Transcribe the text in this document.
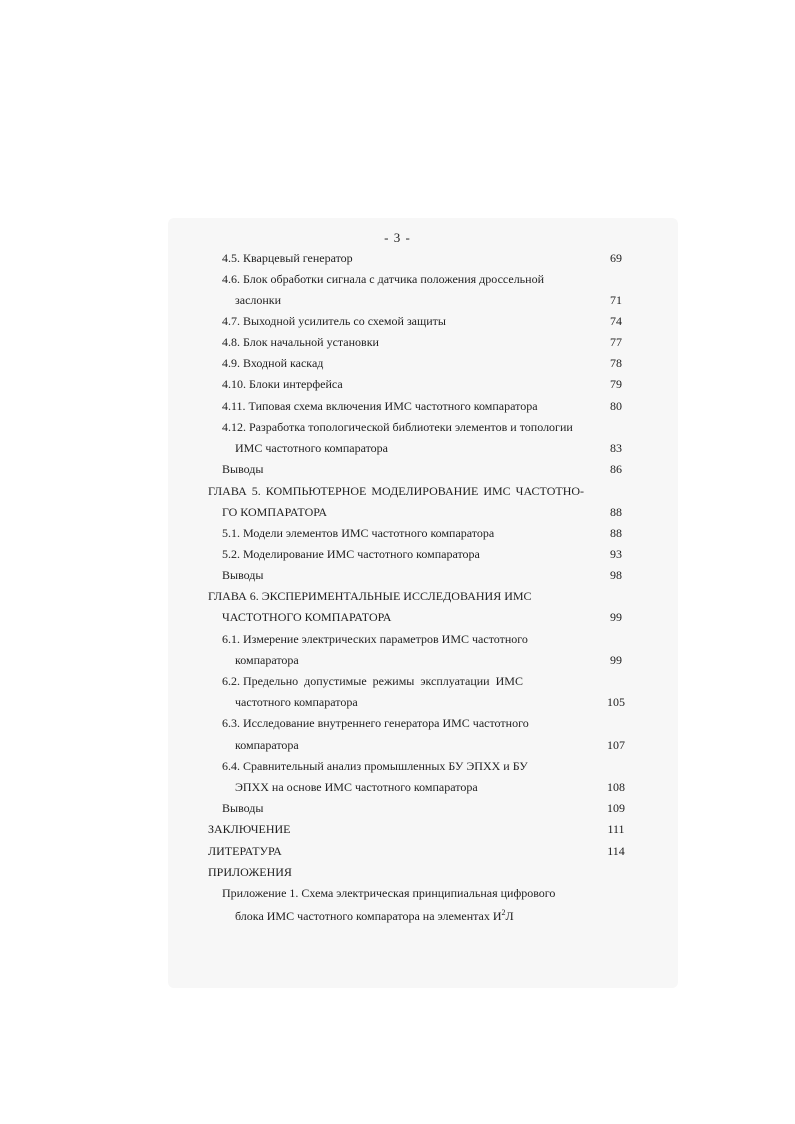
- 3 -
4.5. Кварцевый генератор	69
4.6. Блок обработки сигнала с датчика положения дроссельной
заслонки	71
4.7. Выходной усилитель со схемой защиты	74
4.8. Блок начальной установки	77
4.9. Входной каскад	78
4.10. Блоки интерфейса	79
4.11. Типовая схема включения ИМС частотного компаратора	80
4.12. Разработка топологической библиотеки элементов и топологии
ИМС частотного компаратора	83
Выводы	86
ГЛАВА 5. КОМПЬЮТЕРНОЕ МОДЕЛИРОВАНИЕ ИМС ЧАСТОТНО-
ГО КОМПАРАТОРА	88
5.1. Модели элементов ИМС частотного компаратора	88
5.2. Моделирование ИМС частотного компаратора	93
Выводы	98
ГЛАВА 6. ЭКСПЕРИМЕНТАЛЬНЫЕ ИССЛЕДОВАНИЯ ИМС
ЧАСТОТНОГО КОМПАРАТОРА	99
6.1. Измерение электрических параметров ИМС частотного
компаратора	99
6.2. Предельно  допустимые  режимы  эксплуатации  ИМС
частотного компаратора	105
6.3. Исследование внутреннего генератора ИМС частотного
компаратора	107
6.4. Сравнительный анализ промышленных БУ ЭПХХ и БУ
ЭПХХ на основе ИМС частотного компаратора	108
Выводы	109
ЗАКЛЮЧЕНИЕ	111
ЛИТЕРАТУРА	114
ПРИЛОЖЕНИЯ
Приложение 1. Схема электрическая принципиальная цифрового
блока ИМС частотного компаратора на элементах $И^2Л$
